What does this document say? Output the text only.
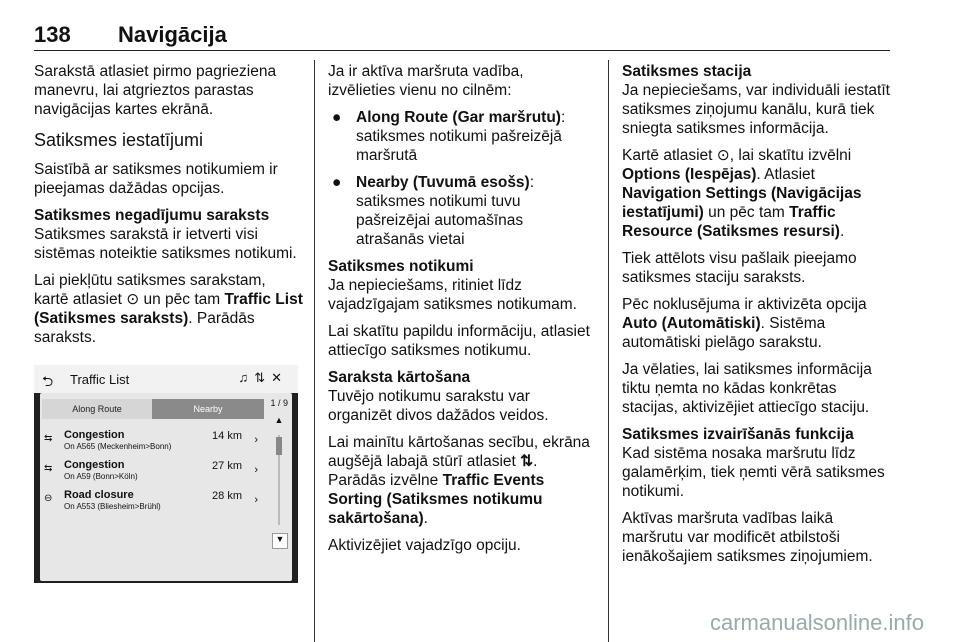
138 Navigācija

Sarakstā atlasiet pirmo pagrieziena manevru, lai atgrieztos parastas navigācijas kartes ekrānā.

Satiksmes iestatījumi

Saistībā ar satiksmes notikumiem ir pieejamas dažādas opcijas.

Satiksmes negadījumu saraksts

Satiksmes sarakstā ir ietverti visi sistēmas noteiktie satiksmes notikumi.

Lai piekļūtu satiksmes sarakstam, kartē atlasiet ⊙ un pēc tam Traffic List (Satiksmes saraksts). Parādās saraksts.

⮌ Traffic List	♫⇅✕
Along Route	Nearby
1 / 9
⇆ Congestion
On A565 (Meckenheim>Bonn)
14 km ›
⇆ Congestion
On A59 (Bonn>Köln)
27 km ›
⊖ Road closure
On A553 (Bliesheim>Brühl)
28 km ›
▲
▼

Ja ir aktīva maršruta vadība, izvēlieties vienu no cilnēm:

● Along Route (Gar maršrutu): satiksmes notikumi pašreizējā maršrutā
● Nearby (Tuvumā esošs): satiksmes notikumi tuvu pašreizējai automašīnas atrašanās vietai
Satiksmes notikumi

Ja nepieciešams, ritiniet līdz vajadzīgajam satiksmes notikumam.

Lai skatītu papildu informāciju, atlasiet attiecīgo satiksmes notikumu.

Saraksta kārtošana

Tuvējo notikumu sarakstu var organizēt divos dažādos veidos.

Lai mainītu kārtošanas secību, ekrāna augšējā labajā stūrī atlasiet ⇅. Parādās izvēlne Traffic Events Sorting (Satiksmes notikumu sakārtošana).

Aktivizējiet vajadzīgo opciju.

Satiksmes stacija

Ja nepieciešams, var individuāli iestatīt satiksmes ziņojumu kanālu, kurā tiek sniegta satiksmes informācija.

Kartē atlasiet ⊙, lai skatītu izvēlni Options (Iespējas). Atlasiet Navigation Settings (Navigācijas iestatījumi) un pēc tam Traffic Resource (Satiksmes resursi).

Tiek attēlots visu pašlaik pieejamo satiksmes staciju saraksts.

Pēc noklusējuma ir aktivizēta opcija Auto (Automātiski). Sistēma automātiski pielāgo sarakstu.

Ja vēlaties, lai satiksmes informācija tiktu ņemta no kādas konkrētas stacijas, aktivizējiet attiecīgo staciju.

Satiksmes izvairīšanās funkcija

Kad sistēma nosaka maršrutu līdz galamērķim, tiek ņemti vērā satiksmes notikumi.

Aktīvas maršruta vadības laikā maršrutu var modificēt atbilstoši ienākošajiem satiksmes ziņojumiem.

carmanualsonline.info
